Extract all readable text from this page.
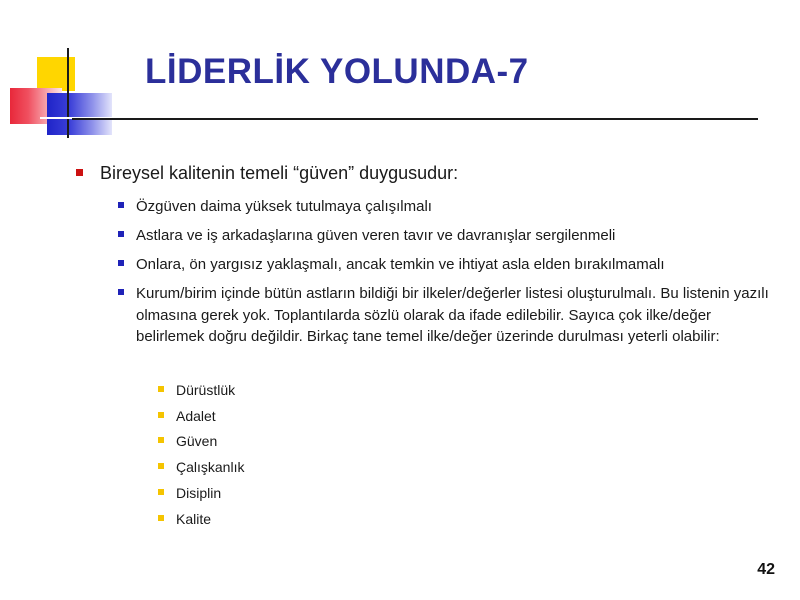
LİDERLİK YOLUNDA-7
Bireysel kalitenin temeli “güven” duygusudur:
Özgüven daima yüksek tutulmaya çalışılmalı
Astlara ve iş arkadaşlarına güven veren tavır ve davranışlar sergilenmeli
Onlara, ön yargısız yaklaşmalı, ancak temkin ve ihtiyat asla elden bırakılmamalı
Kurum/birim içinde bütün astların bildiği bir ilkeler/değerler listesi oluşturulmalı. Bu listenin yazılı olmasına gerek yok. Toplantılarda sözlü olarak da ifade edilebilir. Sayıca çok ilke/değer belirlemek doğru değildir. Birkaç tane temel ilke/değer üzerinde durulması yeterli olabilir:
Dürüstlük
Adalet
Güven
Çalışkanlık
Disiplin
Kalite
42
